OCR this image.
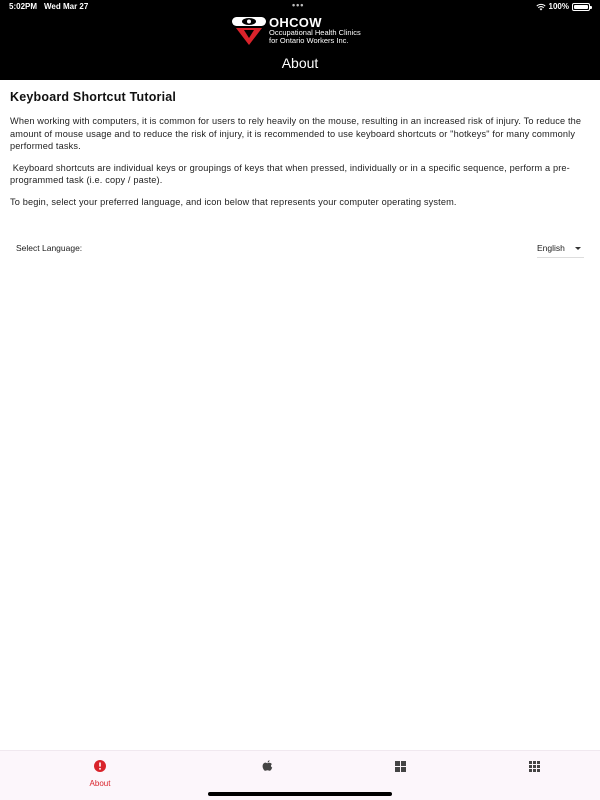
5:02PM Wed Mar 27	•••	100%
OHCOW
Occupational Health Clinics
for Ontario Workers Inc.
About
Keyboard Shortcut Tutorial

When working with computers, it is common for users to rely heavily on the mouse, resulting in an increased risk of injury. To reduce the amount of mouse usage and to reduce the risk of injury, it is recommended to use keyboard shortcuts or "hotkeys" for many commonly performed tasks.

Keyboard shortcuts are individual keys or groupings of keys that when pressed, individually or in a specific sequence, perform a pre-programmed task (i.e. copy / paste).

To begin, select your preferred language, and icon below that represents your computer operating system.

Select Language:	English
About
